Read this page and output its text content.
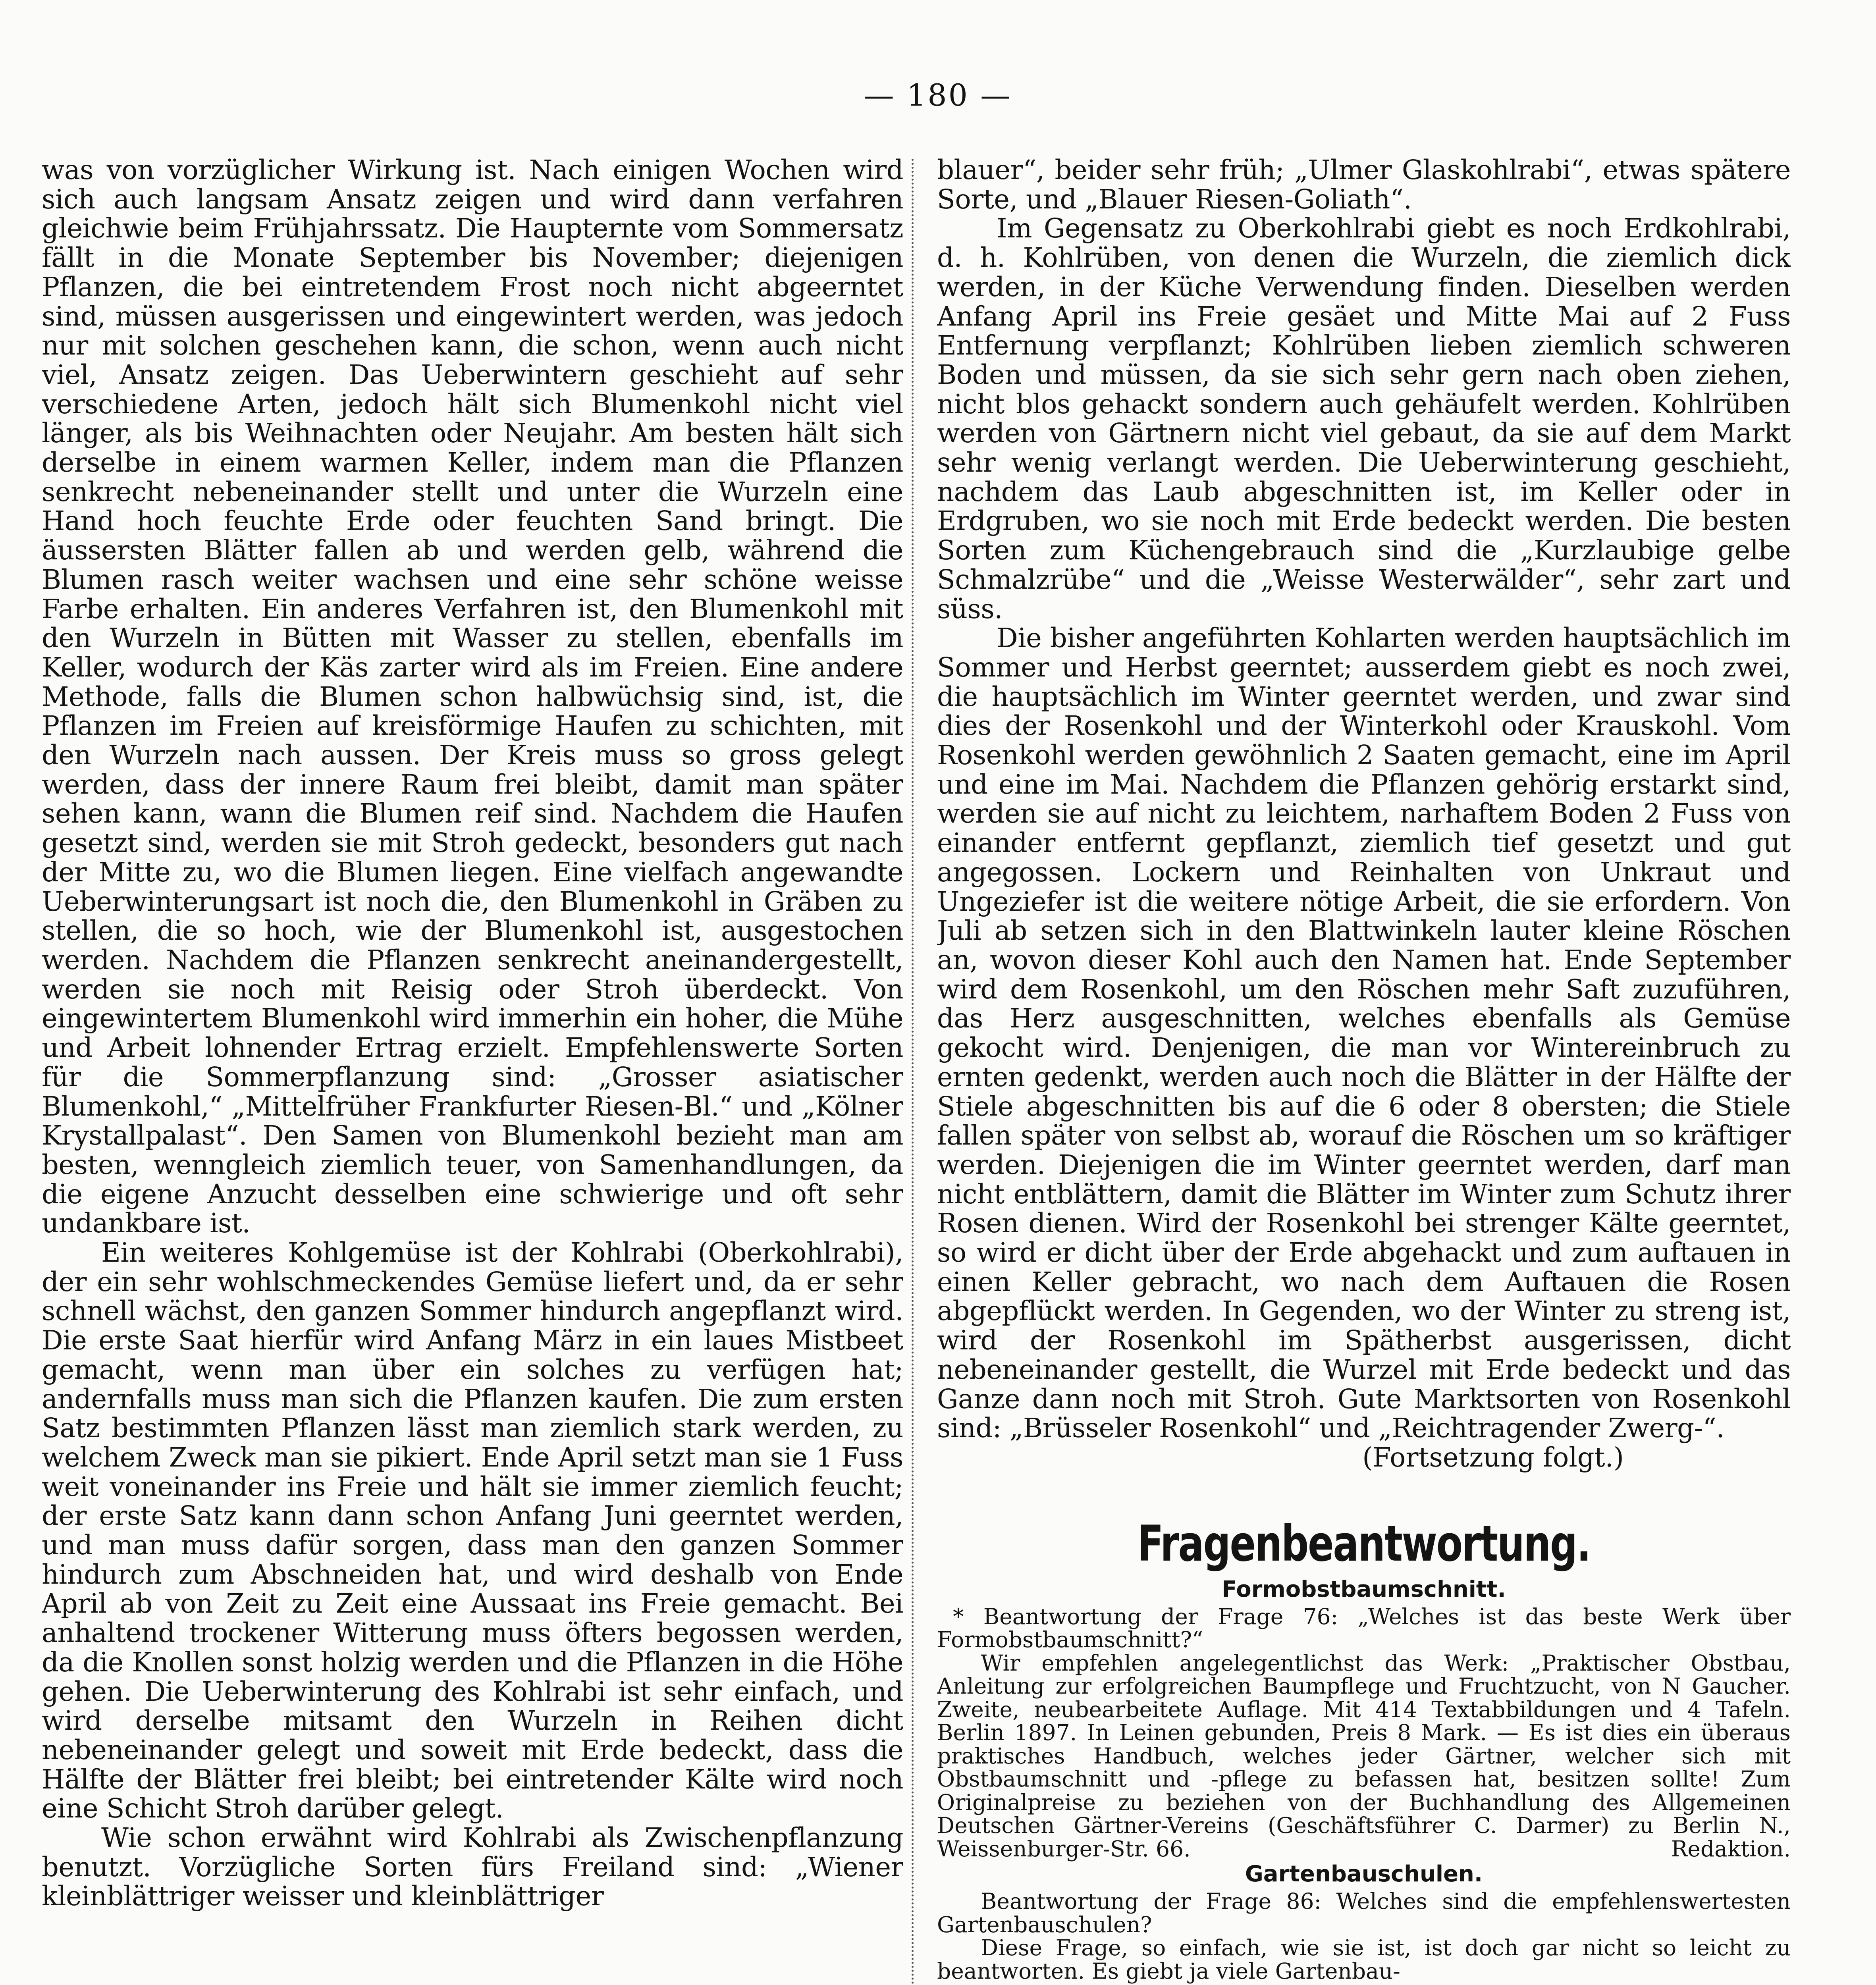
— 180 —

was von vorzüglicher Wirkung ist. Nach einigen Wochen wird sich auch langsam Ansatz zeigen und wird dann verfahren gleichwie beim Frühjahrssatz. Die Haupternte vom Sommersatz fällt in die Monate September bis November; diejenigen Pflanzen, die bei eintretendem Frost noch nicht abgeerntet sind, müssen ausgerissen und eingewintert werden, was jedoch nur mit solchen geschehen kann, die schon, wenn auch nicht viel, Ansatz zeigen. Das Ueberwintern geschieht auf sehr verschiedene Arten, jedoch hält sich Blumenkohl nicht viel länger, als bis Weihnachten oder Neujahr. Am besten hält sich derselbe in einem warmen Keller, indem man die Pflanzen senkrecht nebeneinander stellt und unter die Wurzeln eine Hand hoch feuchte Erde oder feuchten Sand bringt. Die äussersten Blätter fallen ab und werden gelb, während die Blumen rasch weiter wachsen und eine sehr schöne weisse Farbe erhalten. Ein anderes Verfahren ist, den Blumenkohl mit den Wurzeln in Bütten mit Wasser zu stellen, ebenfalls im Keller, wodurch der Käs zarter wird als im Freien. Eine andere Methode, falls die Blumen schon halbwüchsig sind, ist, die Pflanzen im Freien auf kreisförmige Haufen zu schichten, mit den Wurzeln nach aussen. Der Kreis muss so gross gelegt werden, dass der innere Raum frei bleibt, damit man später sehen kann, wann die Blumen reif sind. Nachdem die Haufen gesetzt sind, werden sie mit Stroh gedeckt, besonders gut nach der Mitte zu, wo die Blumen liegen. Eine vielfach angewandte Ueberwinterungsart ist noch die, den Blumenkohl in Gräben zu stellen, die so hoch, wie der Blumenkohl ist, ausgestochen werden. Nachdem die Pflanzen senkrecht aneinandergestellt, werden sie noch mit Reisig oder Stroh überdeckt. Von eingewintertem Blumenkohl wird immerhin ein hoher, die Mühe und Arbeit lohnender Ertrag erzielt. Empfehlenswerte Sorten für die Sommerpflanzung sind: „Grosser asiatischer Blumenkohl,“ „Mittelfrüher Frankfurter Riesen-Bl.“ und „Kölner Krystallpalast“. Den Samen von Blumenkohl bezieht man am besten, wenngleich ziemlich teuer, von Samenhandlungen, da die eigene Anzucht desselben eine schwierige und oft sehr undankbare ist.

Ein weiteres Kohlgemüse ist der Kohlrabi (Oberkohlrabi), der ein sehr wohlschmeckendes Gemüse liefert und, da er sehr schnell wächst, den ganzen Sommer hindurch angepflanzt wird. Die erste Saat hierfür wird Anfang März in ein laues Mistbeet gemacht, wenn man über ein solches zu verfügen hat; andernfalls muss man sich die Pflanzen kaufen. Die zum ersten Satz bestimmten Pflanzen lässt man ziemlich stark werden, zu welchem Zweck man sie pikiert. Ende April setzt man sie 1 Fuss weit voneinander ins Freie und hält sie immer ziemlich feucht; der erste Satz kann dann schon Anfang Juni geerntet werden, und man muss dafür sorgen, dass man den ganzen Sommer hindurch zum Abschneiden hat, und wird deshalb von Ende April ab von Zeit zu Zeit eine Aussaat ins Freie gemacht. Bei anhaltend trockener Witterung muss öfters begossen werden, da die Knollen sonst holzig werden und die Pflanzen in die Höhe gehen. Die Ueberwinterung des Kohlrabi ist sehr einfach, und wird derselbe mitsamt den Wurzeln in Reihen dicht nebeneinander gelegt und soweit mit Erde bedeckt, dass die Hälfte der Blätter frei bleibt; bei eintretender Kälte wird noch eine Schicht Stroh darüber gelegt.

Wie schon erwähnt wird Kohlrabi als Zwischenpflanzung benutzt. Vorzügliche Sorten fürs Freiland sind: „Wiener kleinblättriger weisser und kleinblättriger

blauer“, beider sehr früh; „Ulmer Glaskohlrabi“, etwas spätere Sorte, und „Blauer Riesen-Goliath“.

Im Gegensatz zu Oberkohlrabi giebt es noch Erdkohlrabi, d. h. Kohlrüben, von denen die Wurzeln, die ziemlich dick werden, in der Küche Verwendung finden. Dieselben werden Anfang April ins Freie gesäet und Mitte Mai auf 2 Fuss Entfernung verpflanzt; Kohlrüben lieben ziemlich schweren Boden und müssen, da sie sich sehr gern nach oben ziehen, nicht blos gehackt sondern auch gehäufelt werden. Kohlrüben werden von Gärtnern nicht viel gebaut, da sie auf dem Markt sehr wenig verlangt werden. Die Ueberwinterung geschieht, nachdem das Laub abgeschnitten ist, im Keller oder in Erdgruben, wo sie noch mit Erde bedeckt werden. Die besten Sorten zum Küchengebrauch sind die „Kurzlaubige gelbe Schmalzrübe“ und die „Weisse Westerwälder“, sehr zart und süss.

Die bisher angeführten Kohlarten werden hauptsächlich im Sommer und Herbst geerntet; ausserdem giebt es noch zwei, die hauptsächlich im Winter geerntet werden, und zwar sind dies der Rosenkohl und der Winterkohl oder Krauskohl. Vom Rosenkohl werden gewöhnlich 2 Saaten gemacht, eine im April und eine im Mai. Nachdem die Pflanzen gehörig erstarkt sind, werden sie auf nicht zu leichtem, narhaftem Boden 2 Fuss von einander entfernt gepflanzt, ziemlich tief gesetzt und gut angegossen. Lockern und Reinhalten von Unkraut und Ungeziefer ist die weitere nötige Arbeit, die sie erfordern. Von Juli ab setzen sich in den Blattwinkeln lauter kleine Röschen an, wovon dieser Kohl auch den Namen hat. Ende September wird dem Rosenkohl, um den Röschen mehr Saft zuzuführen, das Herz ausgeschnitten, welches ebenfalls als Gemüse gekocht wird. Denjenigen, die man vor Wintereinbruch zu ernten gedenkt, werden auch noch die Blätter in der Hälfte der Stiele abgeschnitten bis auf die 6 oder 8 obersten; die Stiele fallen später von selbst ab, worauf die Röschen um so kräftiger werden. Diejenigen die im Winter geerntet werden, darf man nicht entblättern, damit die Blätter im Winter zum Schutz ihrer Rosen dienen. Wird der Rosenkohl bei strenger Kälte geerntet, so wird er dicht über der Erde abgehackt und zum auftauen in einen Keller gebracht, wo nach dem Auftauen die Rosen abgepflückt werden. In Gegenden, wo der Winter zu streng ist, wird der Rosenkohl im Spätherbst ausgerissen, dicht nebeneinander gestellt, die Wurzel mit Erde bedeckt und das Ganze dann noch mit Stroh. Gute Marktsorten von Rosenkohl sind: „Brüsseler Rosenkohl“ und „Reichtragender Zwerg-“.

(Fortsetzung folgt.)

Fragenbeantwortung.

Formobstbaumschnitt.

* Beantwortung der Frage 76: „Welches ist das beste Werk über Formobstbaumschnitt?“

Wir empfehlen angelegentlichst das Werk: „Praktischer Obstbau, Anleitung zur erfolgreichen Baumpflege und Fruchtzucht, von N Gaucher. Zweite, neubearbeitete Auflage. Mit 414 Textabbildungen und 4 Tafeln. Berlin 1897. In Leinen gebunden, Preis 8 Mark. — Es ist dies ein überaus praktisches Handbuch, welches jeder Gärtner, welcher sich mit Obstbaumschnitt und -pflege zu befassen hat, besitzen sollte! Zum Originalpreise zu beziehen von der Buchhandlung des Allgemeinen Deutschen Gärtner-Vereins (Geschäftsführer C. Darmer) zu Berlin N., Weissenburger-Str. 66.	Redaktion.

Gartenbauschulen.

Beantwortung der Frage 86: Welches sind die empfehlenswertesten Gartenbauschulen?

Diese Frage, so einfach, wie sie ist, ist doch gar nicht so leicht zu beantworten. Es giebt ja viele Gartenbau-
